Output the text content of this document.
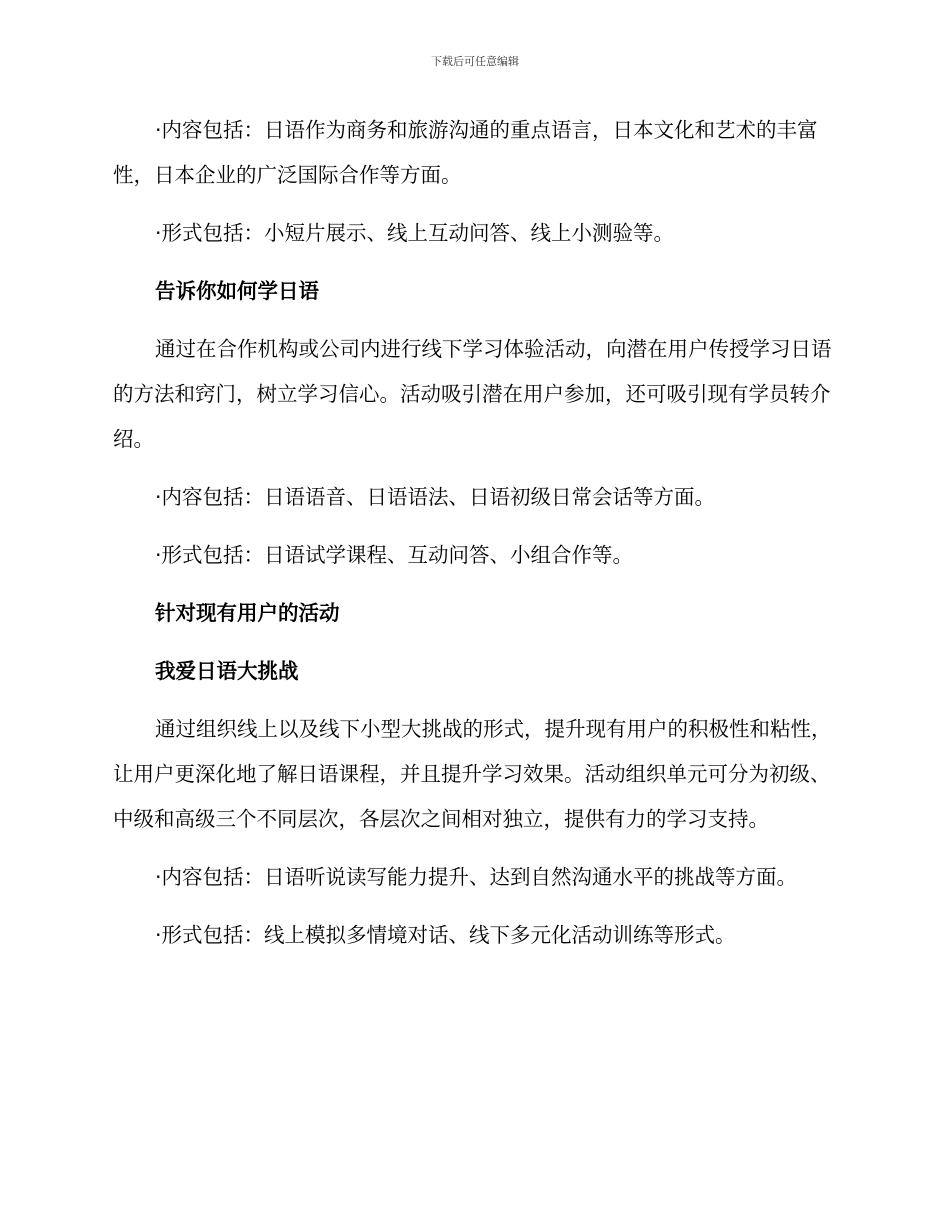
下载后可任意编辑

·内容包括：日语作为商务和旅游沟通的重点语言，日本文化和艺术的丰富性，日本企业的广泛国际合作等方面。

·形式包括：小短片展示、线上互动问答、线上小测验等。

告诉你如何学日语

通过在合作机构或公司内进行线下学习体验活动，向潜在用户传授学习日语的方法和窍门，树立学习信心。活动吸引潜在用户参加，还可吸引现有学员转介绍。

·内容包括：日语语音、日语语法、日语初级日常会话等方面。

·形式包括：日语试学课程、互动问答、小组合作等。

针对现有用户的活动

我爱日语大挑战

通过组织线上以及线下小型大挑战的形式，提升现有用户的积极性和粘性，让用户更深化地了解日语课程，并且提升学习效果。活动组织单元可分为初级、中级和高级三个不同层次，各层次之间相对独立，提供有力的学习支持。

·内容包括：日语听说读写能力提升、达到自然沟通水平的挑战等方面。

·形式包括：线上模拟多情境对话、线下多元化活动训练等形式。
